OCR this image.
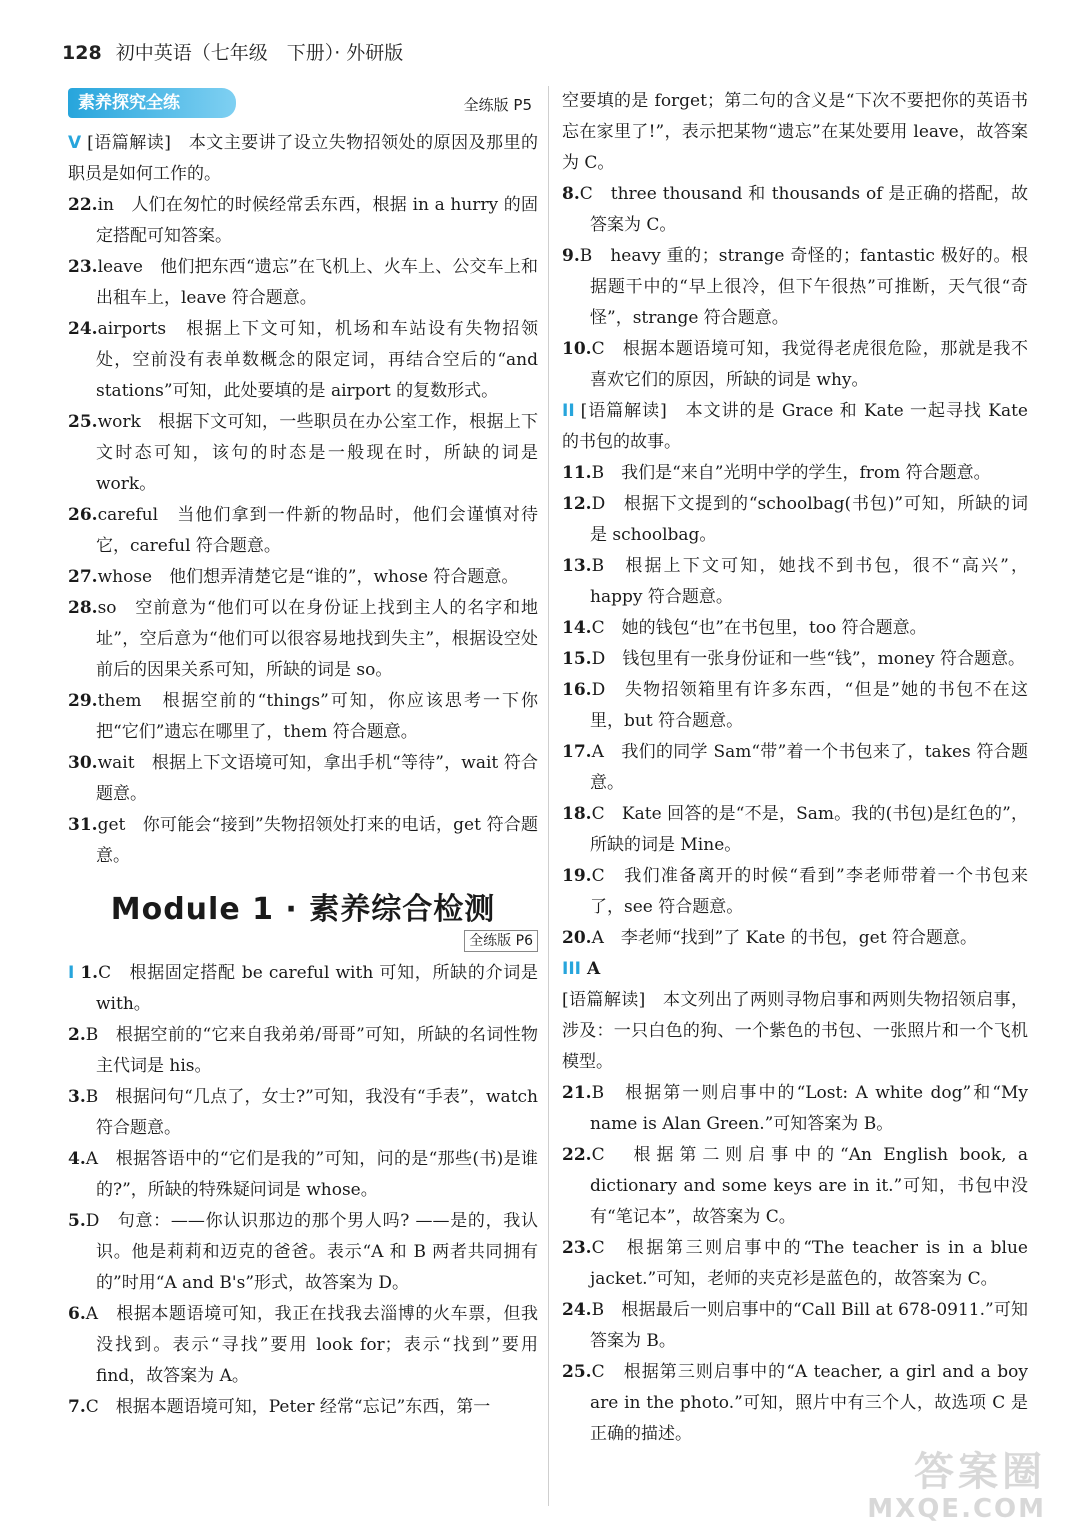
128 初中英语（七年级　下册）· 外研版
素养探究全练	全练版 P5

V [语篇解读]　本文主要讲了设立失物招领处的原因及那里的职员是如何工作的。

22.in　人们在匆忙的时候经常丢东西，根据 in a hurry 的固定搭配可知答案。

23.leave　他们把东西“遗忘”在飞机上、火车上、公交车上和出租车上，leave 符合题意。

24.airports　根据上下文可知，机场和车站设有失物招领处，空前没有表单数概念的限定词，再结合空后的“and stations”可知，此处要填的是 airport 的复数形式。

25.work　根据下文可知，一些职员在办公室工作，根据上下文时态可知，该句的时态是一般现在时，所缺的词是 work。

26.careful　当他们拿到一件新的物品时，他们会谨慎对待它，careful 符合题意。

27.whose　他们想弄清楚它是“谁的”，whose 符合题意。

28.so　空前意为“他们可以在身份证上找到主人的名字和地址”，空后意为“他们可以很容易地找到失主”，根据设空处前后的因果关系可知，所缺的词是 so。

29.them　根据空前的“things”可知，你应该思考一下你把“它们”遗忘在哪里了，them 符合题意。

30.wait　根据上下文语境可知，拿出手机“等待”，wait 符合题意。

31.get　你可能会“接到”失物招领处打来的电话，get 符合题意。

Module 1 · 素养综合检测
全练版 P6

I 1.C　根据固定搭配 be careful with 可知，所缺的介词是 with。

2.B　根据空前的“它来自我弟弟/哥哥”可知，所缺的名词性物主代词是 his。

3.B　根据问句“几点了，女士?”可知，我没有“手表”，watch 符合题意。

4.A　根据答语中的“它们是我的”可知，问的是“那些(书)是谁的?”，所缺的特殊疑问词是 whose。

5.D　句意：——你认识那边的那个男人吗? ——是的，我认识。他是莉莉和迈克的爸爸。表示“A 和 B 两者共同拥有的”时用“A and B's”形式，故答案为 D。

6.A　根据本题语境可知，我正在找我去淄博的火车票，但我没找到。表示“寻找”要用 look for；表示“找到”要用 find，故答案为 A。

7.C　根据本题语境可知，Peter 经常“忘记”东西，第一

空要填的是 forget；第二句的含义是“下次不要把你的英语书忘在家里了!”，表示把某物“遗忘”在某处要用 leave，故答案为 C。

8.C　three thousand 和 thousands of 是正确的搭配，故答案为 C。

9.B　heavy 重的；strange 奇怪的；fantastic 极好的。根据题干中的“早上很冷，但下午很热”可推断，天气很“奇怪”，strange 符合题意。

10.C　根据本题语境可知，我觉得老虎很危险，那就是我不喜欢它们的原因，所缺的词是 why。

II [语篇解读]　本文讲的是 Grace 和 Kate 一起寻找 Kate 的书包的故事。

11.B　我们是“来自”光明中学的学生，from 符合题意。

12.D　根据下文提到的“schoolbag(书包)”可知，所缺的词是 schoolbag。

13.B　根据上下文可知，她找不到书包，很不“高兴”，happy 符合题意。

14.C　她的钱包“也”在书包里，too 符合题意。

15.D　钱包里有一张身份证和一些“钱”，money 符合题意。

16.D　失物招领箱里有许多东西，“但是”她的书包不在这里，but 符合题意。

17.A　我们的同学 Sam“带”着一个书包来了，takes 符合题意。

18.C　Kate 回答的是“不是，Sam。我的(书包)是红色的”，所缺的词是 Mine。

19.C　我们准备离开的时候“看到”李老师带着一个书包来了，see 符合题意。

20.A　李老师“找到”了 Kate 的书包，get 符合题意。

III A

[语篇解读]　本文列出了两则寻物启事和两则失物招领启事，涉及：一只白色的狗、一个紫色的书包、一张照片和一个飞机模型。

21.B　根据第一则启事中的“Lost: A white dog”和“My name is Alan Green.”可知答案为 B。

22.C　根据第二则启事中的“An English book, a dictionary and some keys are in it.”可知，书包中没有“笔记本”，故答案为 C。

23.C　根据第三则启事中的“The teacher is in a blue jacket.”可知，老师的夹克衫是蓝色的，故答案为 C。

24.B　根据最后一则启事中的“Call Bill at 678-0911.”可知答案为 B。

25.C　根据第三则启事中的“A teacher, a girl and a boy are in the photo.”可知，照片中有三个人，故选项 C 是正确的描述。

答案圈
MXQE.COM
